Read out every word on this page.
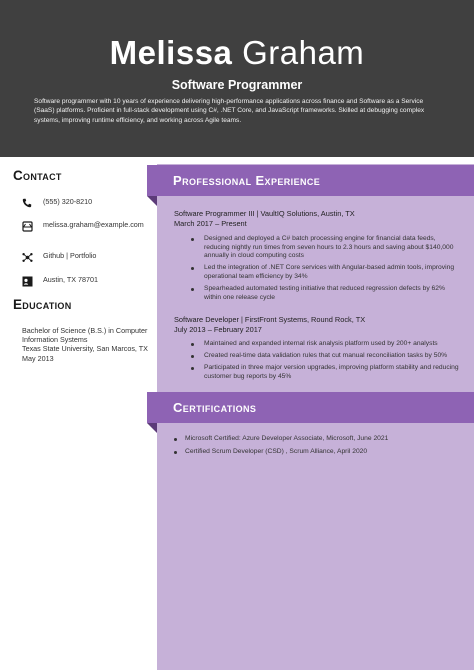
Melissa Graham
Software Programmer
Software programmer with 10 years of experience delivering high-performance applications across finance and Software as a Service (SaaS) platforms. Proficient in full-stack development using C#, .NET Core, and JavaScript frameworks. Skilled at debugging complex systems, improving runtime efficiency, and working across Agile teams.
Contact
(555) 320-8210
melissa.graham@example.com
Github | Portfolio
Austin, TX 78701
Education
Bachelor of Science (B.S.) in Computer Information Systems
Texas State University, San Marcos, TX
May 2013
Professional Experience
Software Programmer III | VaultIQ Solutions, Austin, TX
March 2017 – Present
Designed and deployed a C# batch processing engine for financial data feeds, reducing nightly run times from seven hours to 2.3 hours and saving about $140,000 annually in cloud computing costs
Led the integration of .NET Core services with Angular-based admin tools, improving operational team efficiency by 34%
Spearheaded automated testing initiative that reduced regression defects by 62% within one release cycle
Software Developer | FirstFront Systems, Round Rock, TX
July 2013 – February 2017
Maintained and expanded internal risk analysis platform used by 200+ analysts
Created real-time data validation rules that cut manual reconciliation tasks by 50%
Participated in three major version upgrades, improving platform stability and reducing customer bug reports by 45%
Certifications
Microsoft Certified: Azure Developer Associate, Microsoft, June 2021
Certified Scrum Developer (CSD) , Scrum Alliance, April 2020
